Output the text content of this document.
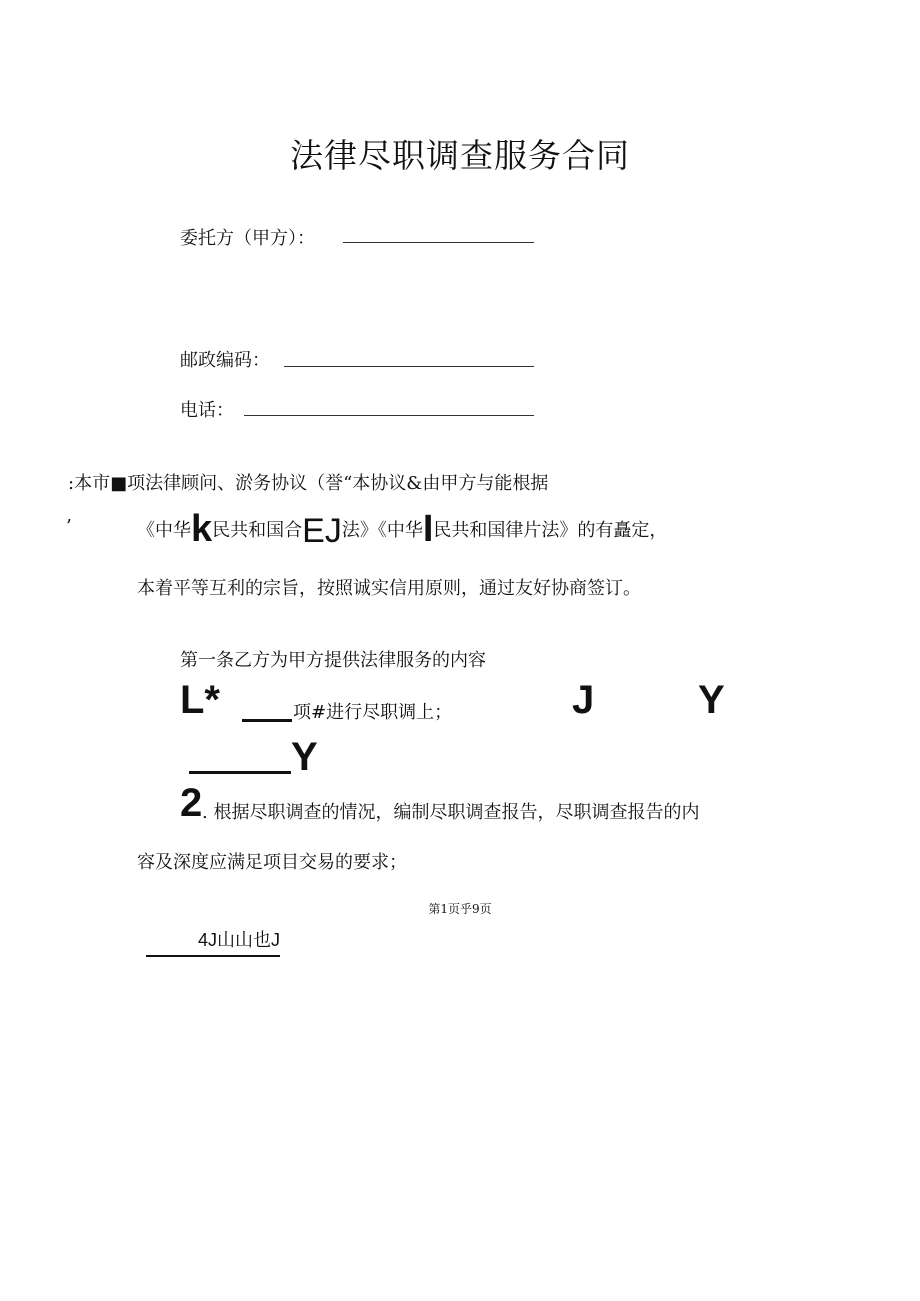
法律尽职调查服务合同
委托方（甲方）：
邮政编码：
电话：
:本市■项法律顾问、淤务协议（誉“本协议&由甲方与能根据
’	《中华 k 民共和国合 EJ 法》《中华 I 民共和国律片法》的有矗定，
本着平等互利的宗旨，按照诚实信用原则，通过友好协商签订。
第一条乙方为甲方提供法律服务的内容
L*	项#进行尽职调上；	J	Y
Y
2 . 根据尽职调查的情况，编制尽职调查报告，尽职调查报告的内
容及深度应满足项目交易的要求；
第1页乎9页
4J山山也J
